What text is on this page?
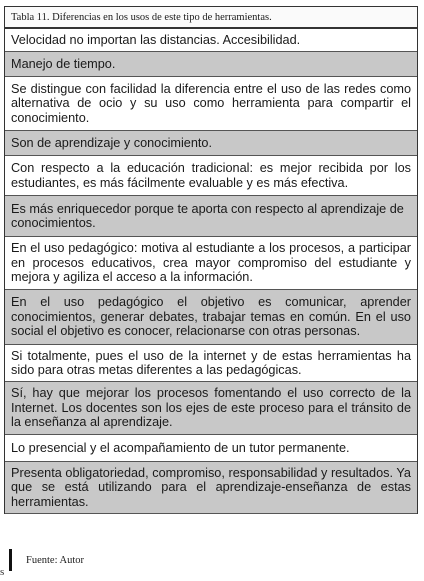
Tabla 11. Diferencias en los usos de este tipo de herramientas.
Velocidad no importan las distancias. Accesibilidad.
Manejo de tiempo.
Se distingue con facilidad la diferencia entre el uso de las redes como alternativa de ocio y su uso como herramienta para compartir el conocimiento.
Son de aprendizaje y conocimiento.
Con respecto a la educación tradicional: es mejor recibida por los estudiantes, es más fácilmente evaluable y es más efectiva.
Es más enriquecedor porque te aporta con respecto al aprendizaje de conocimientos.
En el uso pedagógico: motiva al estudiante a los procesos, a participar en procesos educativos, crea mayor compromiso del estudiante y mejora y agiliza el acceso a la información.
En el uso pedagógico el objetivo es comunicar, aprender conocimientos, generar debates, trabajar temas en común. En el uso social el objetivo es conocer, relacionarse con otras personas.
Si totalmente, pues el uso de la internet y de estas herramientas ha sido para otras metas diferentes a las pedagógicas.
Sí, hay que mejorar los procesos fomentando el uso correcto de la Internet. Los docentes son los ejes de este proceso para el tránsito de la enseñanza al aprendizaje.
Lo presencial y el acompañamiento de un tutor permanente.
Presenta obligatoriedad, compromiso, responsabilidad y resultados. Ya que se está utilizando para el aprendizaje-enseñanza de estas herramientas.
Fuente: Autor
s
